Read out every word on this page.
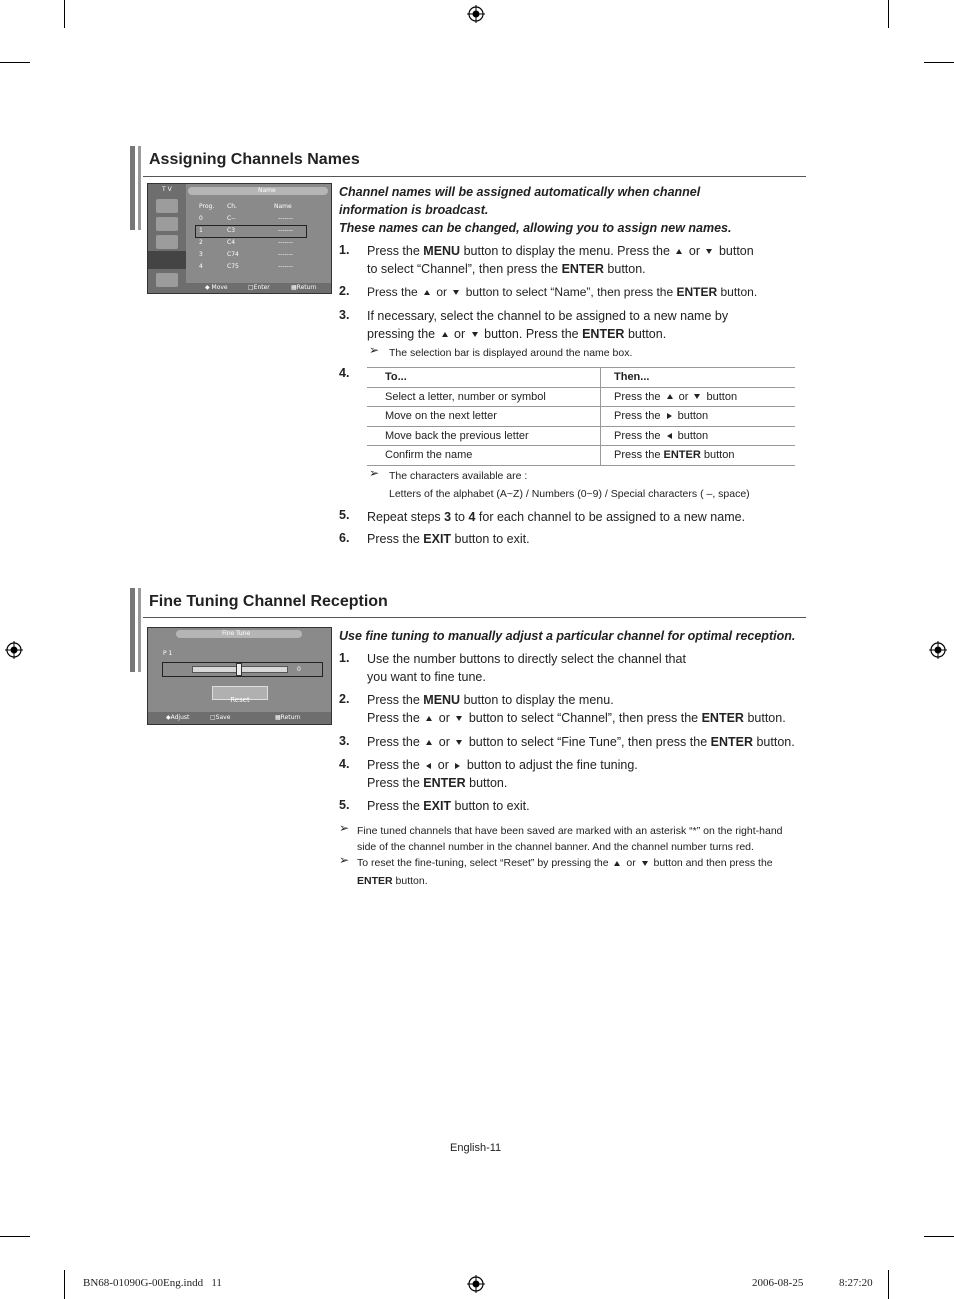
Assigning Channels Names
T V	Name
Prog. Ch.	Name
0	C--	-------
1	C3	-------
2	C4	-------
3	C74	-------
4	C75	-------
◆ Move	□Enter	▦Return
Channel names will be assigned automatically when channel
information is broadcast.
These names can be changed, allowing you to assign new names.
1. Press the MENU button to display the menu. Press the  or  button
to select “Channel”, then press the ENTER button.
2. Press the  or  button to select “Name”, then press the ENTER button.
3. If necessary, select the channel to be assigned to a new name by
pressing the  or  button. Press the ENTER button.
➢ The selection bar is displayed around the name box.
4.	To...	Then...
Select a letter, number or symbol	Press the  or  button
Move on the next letter	Press the  button
Move back the previous letter	Press the  button
Confirm the name	Press the ENTER button
➢ The characters available are :
Letters of the alphabet (A~Z) / Numbers (0~9) / Special characters ( –, space)
5. Repeat steps 3 to 4 for each channel to be assigned to a new name.
6. Press the EXIT button to exit.
Fine Tuning Channel Reception
Fine Tune
P 1
0
Reset
◆Adjust	□Save	▦Return
Use fine tuning to manually adjust a particular channel for optimal reception.
1. Use the number buttons to directly select the channel that
you want to fine tune.
2. Press the MENU button to display the menu.
Press the  or  button to select “Channel”, then press the ENTER button.
3. Press the  or  button to select “Fine Tune”, then press the ENTER button.
4. Press the  or  button to adjust the fine tuning.
Press the ENTER button.
5. Press the EXIT button to exit.
➢ Fine tuned channels that have been saved are marked with an asterisk “*” on the right-hand
side of the channel number in the channel banner. And the channel number turns red.
➢ To reset the fine-tuning, select “Reset” by pressing the  or  button and then press the
ENTER button.
English-11
BN68-01090G-00Eng.indd   11	2006-08-25	8:27:20
